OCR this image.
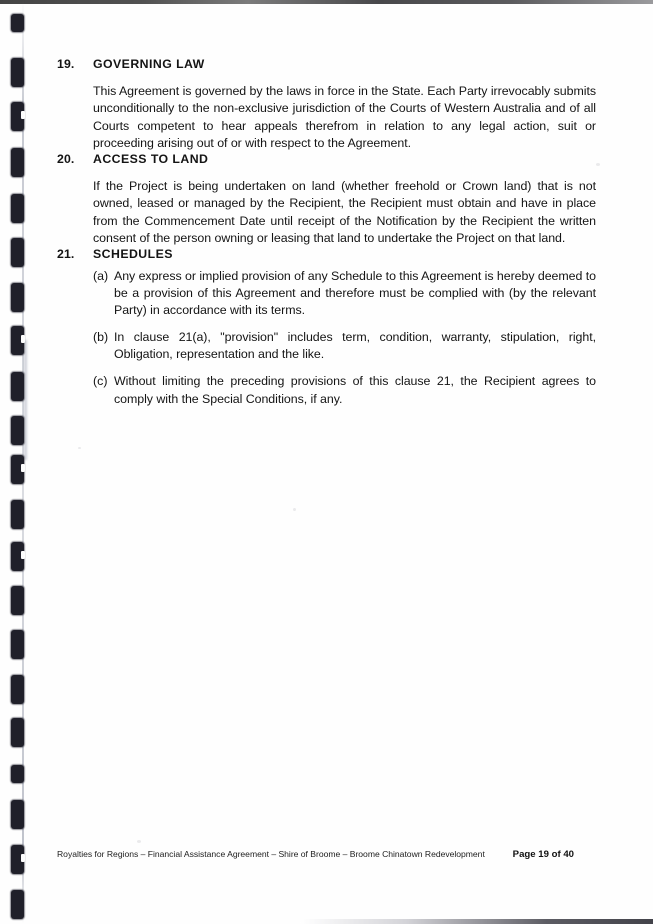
19.	GOVERNING LAW

This Agreement is governed by the laws in force in the State. Each Party irrevocably submits unconditionally to the non-exclusive jurisdiction of the Courts of Western Australia and of all Courts competent to hear appeals therefrom in relation to any legal action, suit or proceeding arising out of or with respect to the Agreement.

20.	ACCESS TO LAND

If the Project is being undertaken on land (whether freehold or Crown land) that is not owned, leased or managed by the Recipient, the Recipient must obtain and have in place from the Commencement Date until receipt of the Notification by the Recipient the written consent of the person owning or leasing that land to undertake the Project on that land.

21.	SCHEDULES
(a) Any express or implied provision of any Schedule to this Agreement is hereby deemed to be a provision of this Agreement and therefore must be complied with (by the relevant Party) in accordance with its terms.
(b) In clause 21(a), "provision" includes term, condition, warranty, stipulation, right, Obligation, representation and the like.
(c) Without limiting the preceding provisions of this clause 21, the Recipient agrees to comply with the Special Conditions, if any.
Royalties for Regions – Financial Assistance Agreement – Shire of Broome – Broome Chinatown Redevelopment	Page 19 of 40
